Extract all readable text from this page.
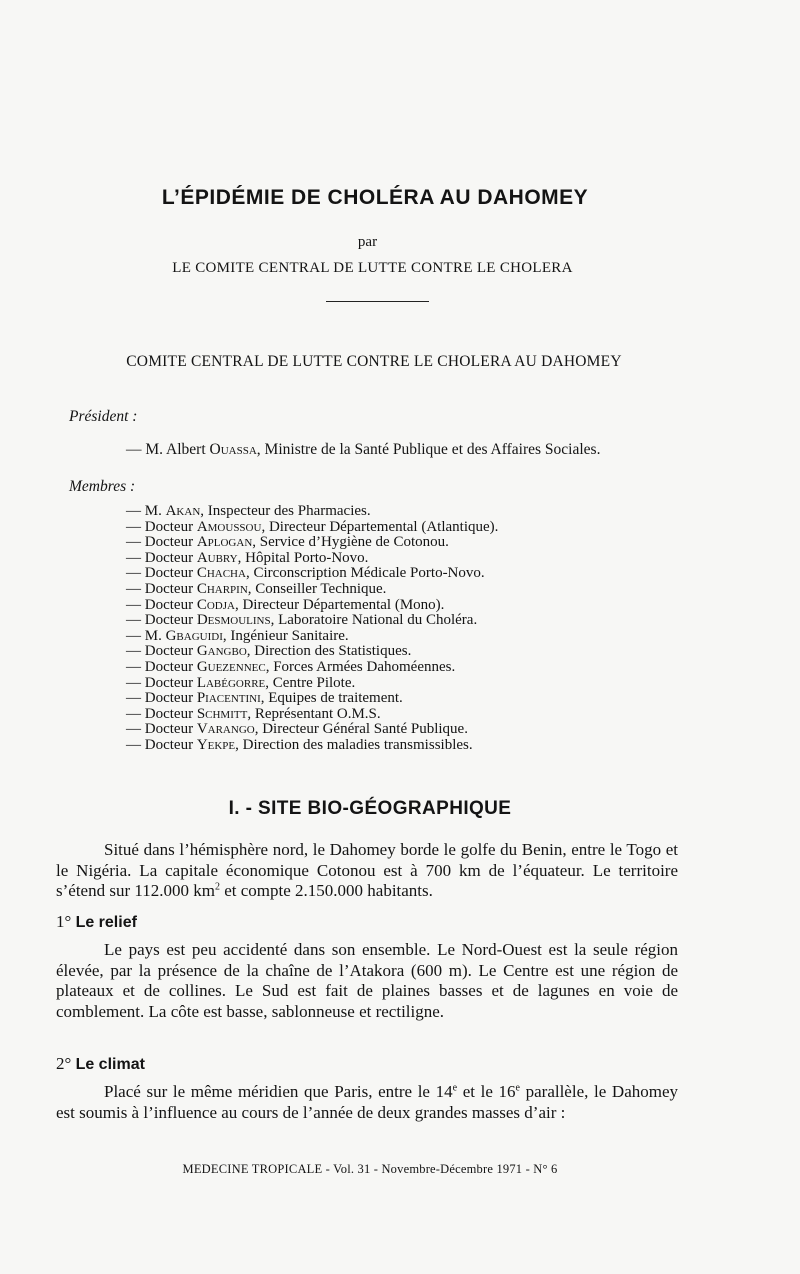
L’ÉPIDÉMIE DE CHOLÉRA AU DAHOMEY
par
LE COMITE CENTRAL DE LUTTE CONTRE LE CHOLERA
COMITE CENTRAL DE LUTTE CONTRE LE CHOLERA AU DAHOMEY
Président :
— M. Albert Ouassa, Ministre de la Santé Publique et des Affaires Sociales.
Membres :
— M. Akan, Inspecteur des Pharmacies.
— Docteur Amoussou, Directeur Départemental (Atlantique).
— Docteur Aplogan, Service d’Hygiène de Cotonou.
— Docteur Aubry, Hôpital Porto-Novo.
— Docteur Chacha, Circonscription Médicale Porto-Novo.
— Docteur Charpin, Conseiller Technique.
— Docteur Codja, Directeur Départemental (Mono).
— Docteur Desmoulins, Laboratoire National du Choléra.
— M. Gbaguidi, Ingénieur Sanitaire.
— Docteur Gangbo, Direction des Statistiques.
— Docteur Guezennec, Forces Armées Dahoméennes.
— Docteur Labégorre, Centre Pilote.
— Docteur Piacentini, Equipes de traitement.
— Docteur Schmitt, Représentant O.M.S.
— Docteur Varango, Directeur Général Santé Publique.
— Docteur Yekpe, Direction des maladies transmissibles.
I. - SITE BIO-GÉOGRAPHIQUE

Situé dans l’hémisphère nord, le Dahomey borde le golfe du Benin, entre le Togo et le Nigéria. La capitale économique Cotonou est à 700 km de l’équateur. Le territoire s’étend sur 112.000 $km^2$ et compte 2.150.000 habitants.

1° Le relief

Le pays est peu accidenté dans son ensemble. Le Nord-Ouest est la seule région élevée, par la présence de la chaîne de l’Atakora (600 m). Le Centre est une région de plateaux et de collines. Le Sud est fait de plaines basses et de lagunes en voie de comblement. La côte est basse, sablonneuse et rectiligne.

2° Le climat

Placé sur le même méridien que Paris, entre le 14e et le 16e parallèle, le Dahomey est soumis à l’influence au cours de l’année de deux grandes masses d’air :

MEDECINE TROPICALE - Vol. 31 - Novembre-Décembre 1971 - N° 6
